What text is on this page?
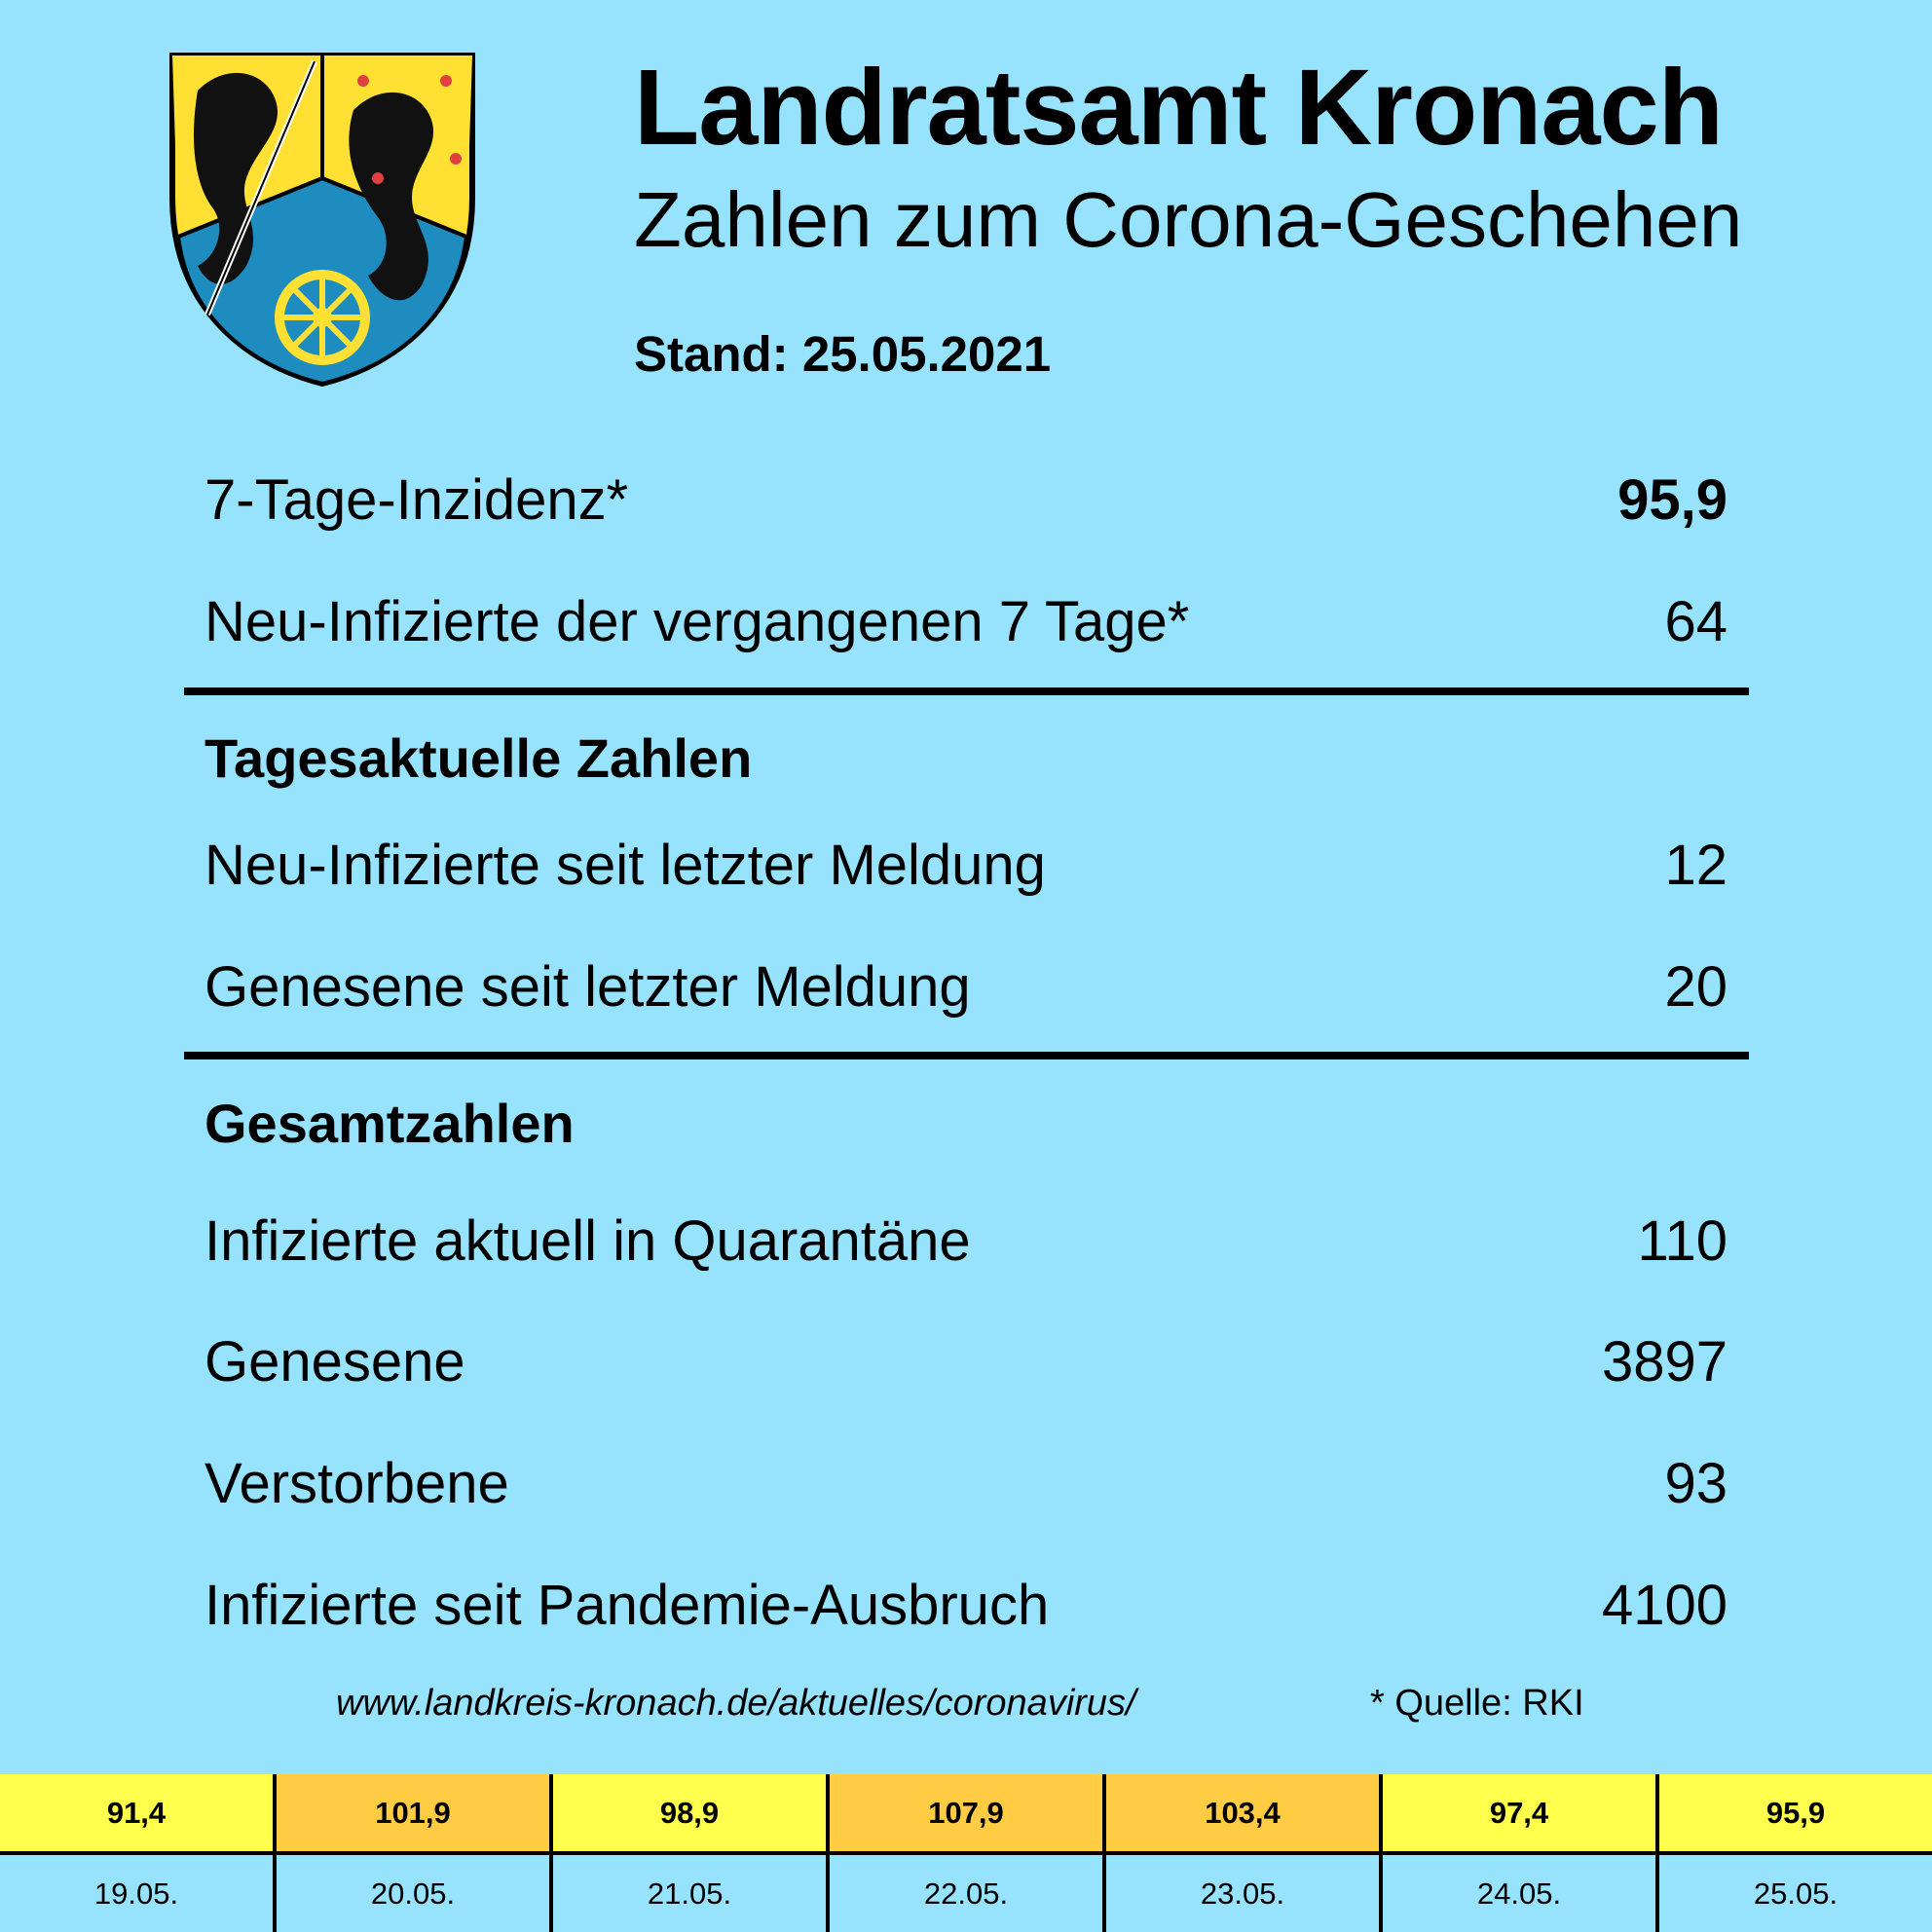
Landratsamt Kronach
Zahlen zum Corona-Geschehen
Stand: 25.05.2021
7-Tage-Inzidenz*	95,9
Neu-Infizierte der vergangenen 7 Tage*	64
Tagesaktuelle Zahlen
Neu-Infizierte seit letzter Meldung	12
Genesene seit letzter Meldung	20
Gesamtzahlen
Infizierte aktuell in Quarantäne	110
Genesene	3897
Verstorbene	93
Infizierte seit Pandemie-Ausbruch	4100
www.landkreis-kronach.de/aktuelles/coronavirus/	* Quelle: RKI
91,4	101,9	98,9	107,9	103,4	97,4	95,9
19.05.	20.05.	21.05.	22.05.	23.05.	24.05.	25.05.
